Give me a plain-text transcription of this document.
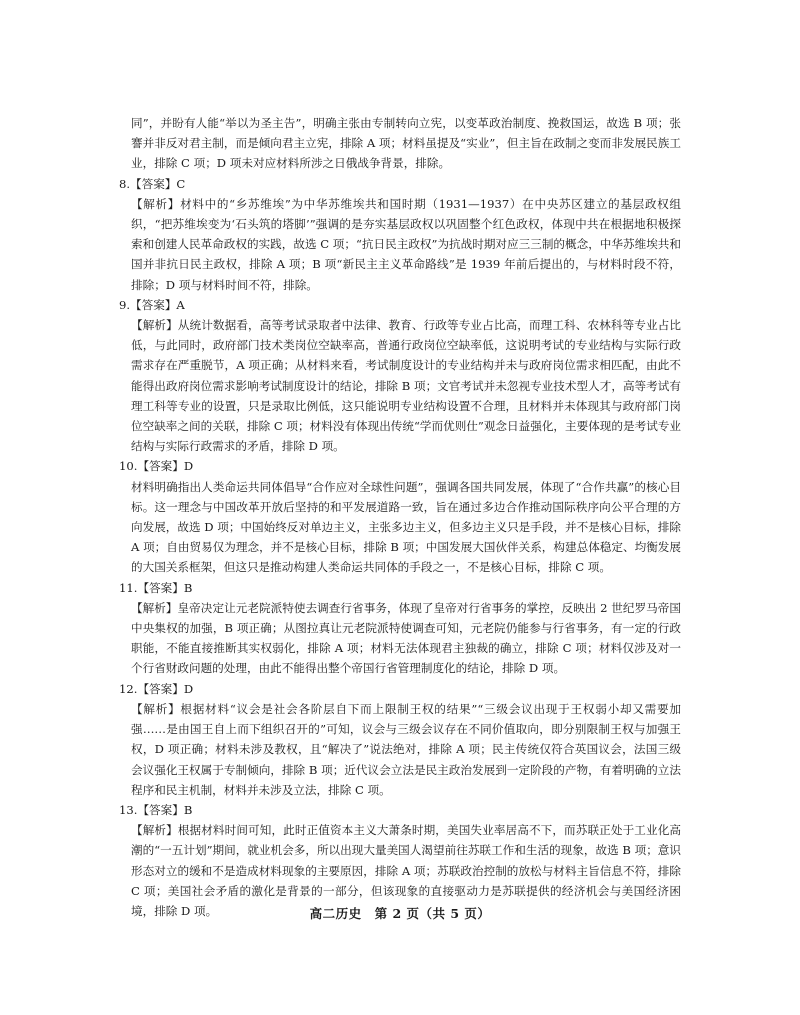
同”，并盼有人能“举以为圣主告”，明确主张由专制转向立宪，以变革政治制度、挽救国运，故选 B 项；张謇并非反对君主制，而是倾向君主立宪，排除 A 项；材料虽提及“实业”，但主旨在政制之变而非发展民族工业，排除 C 项；D 项未对应材料所涉之日俄战争背景，排除。

8.【答案】C

【解析】材料中的“乡苏维埃”为中华苏维埃共和国时期（1931—1937）在中央苏区建立的基层政权组织，“把苏维埃变为‘石头筑的塔脚’”强调的是夯实基层政权以巩固整个红色政权，体现中共在根据地积极探索和创建人民革命政权的实践，故选 C 项；“抗日民主政权”为抗战时期对应三三制的概念，中华苏维埃共和国并非抗日民主政权，排除 A 项；B 项“新民主主义革命路线”是 1939 年前后提出的，与材料时段不符，排除；D 项与材料时间不符，排除。

9.【答案】A

【解析】从统计数据看，高等考试录取者中法律、教育、行政等专业占比高，而理工科、农林科等专业占比低，与此同时，政府部门技术类岗位空缺率高，普通行政岗位空缺率低，这说明考试的专业结构与实际行政需求存在严重脱节，A 项正确；从材料来看，考试制度设计的专业结构并未与政府岗位需求相匹配，由此不能得出政府岗位需求影响考试制度设计的结论，排除 B 项；文官考试并未忽视专业技术型人才，高等考试有理工科等专业的设置，只是录取比例低，这只能说明专业结构设置不合理，且材料并未体现其与政府部门岗位空缺率之间的关联，排除 C 项；材料没有体现出传统“学而优则仕”观念日益强化，主要体现的是考试专业结构与实际行政需求的矛盾，排除 D 项。

10.【答案】D

材料明确指出人类命运共同体倡导“合作应对全球性问题”，强调各国共同发展，体现了“合作共赢”的核心目标。这一理念与中国改革开放后坚持的和平发展道路一致，旨在通过多边合作推动国际秩序向公平合理的方向发展，故选 D 项；中国始终反对单边主义，主张多边主义，但多边主义只是手段，并不是核心目标，排除 A 项；自由贸易仅为理念，并不是核心目标，排除 B 项；中国发展大国伙伴关系，构建总体稳定、均衡发展的大国关系框架，但这只是推动构建人类命运共同体的手段之一，不是核心目标，排除 C 项。

11.【答案】B

【解析】皇帝决定让元老院派特使去调查行省事务，体现了皇帝对行省事务的掌控，反映出 2 世纪罗马帝国中央集权的加强，B 项正确；从图拉真让元老院派特使调查可知，元老院仍能参与行省事务，有一定的行政职能，不能直接推断其实权弱化，排除 A 项；材料无法体现君主独裁的确立，排除 C 项；材料仅涉及对一个行省财政问题的处理，由此不能得出整个帝国行省管理制度化的结论，排除 D 项。

12.【答案】D

【解析】根据材料“议会是社会各阶层自下而上限制王权的结果”“三级会议出现于王权弱小却又需要加强……是由国王自上而下组织召开的”可知，议会与三级会议存在不同价值取向，即分别限制王权与加强王权，D 项正确；材料未涉及教权，且“解决了”说法绝对，排除 A 项；民主传统仅符合英国议会，法国三级会议强化王权属于专制倾向，排除 B 项；近代议会立法是民主政治发展到一定阶段的产物，有着明确的立法程序和民主机制，材料并未涉及立法，排除 C 项。

13.【答案】B

【解析】根据材料时间可知，此时正值资本主义大萧条时期，美国失业率居高不下，而苏联正处于工业化高潮的“一五计划”期间，就业机会多，所以出现大量美国人渴望前往苏联工作和生活的现象，故选 B 项；意识形态对立的缓和不是造成材料现象的主要原因，排除 A 项；苏联政治控制的放松与材料主旨信息不符，排除 C 项；美国社会矛盾的激化是背景的一部分，但该现象的直接驱动力是苏联提供的经济机会与美国经济困境，排除 D 项。	高二历史　第 2 页（共 5 页）
